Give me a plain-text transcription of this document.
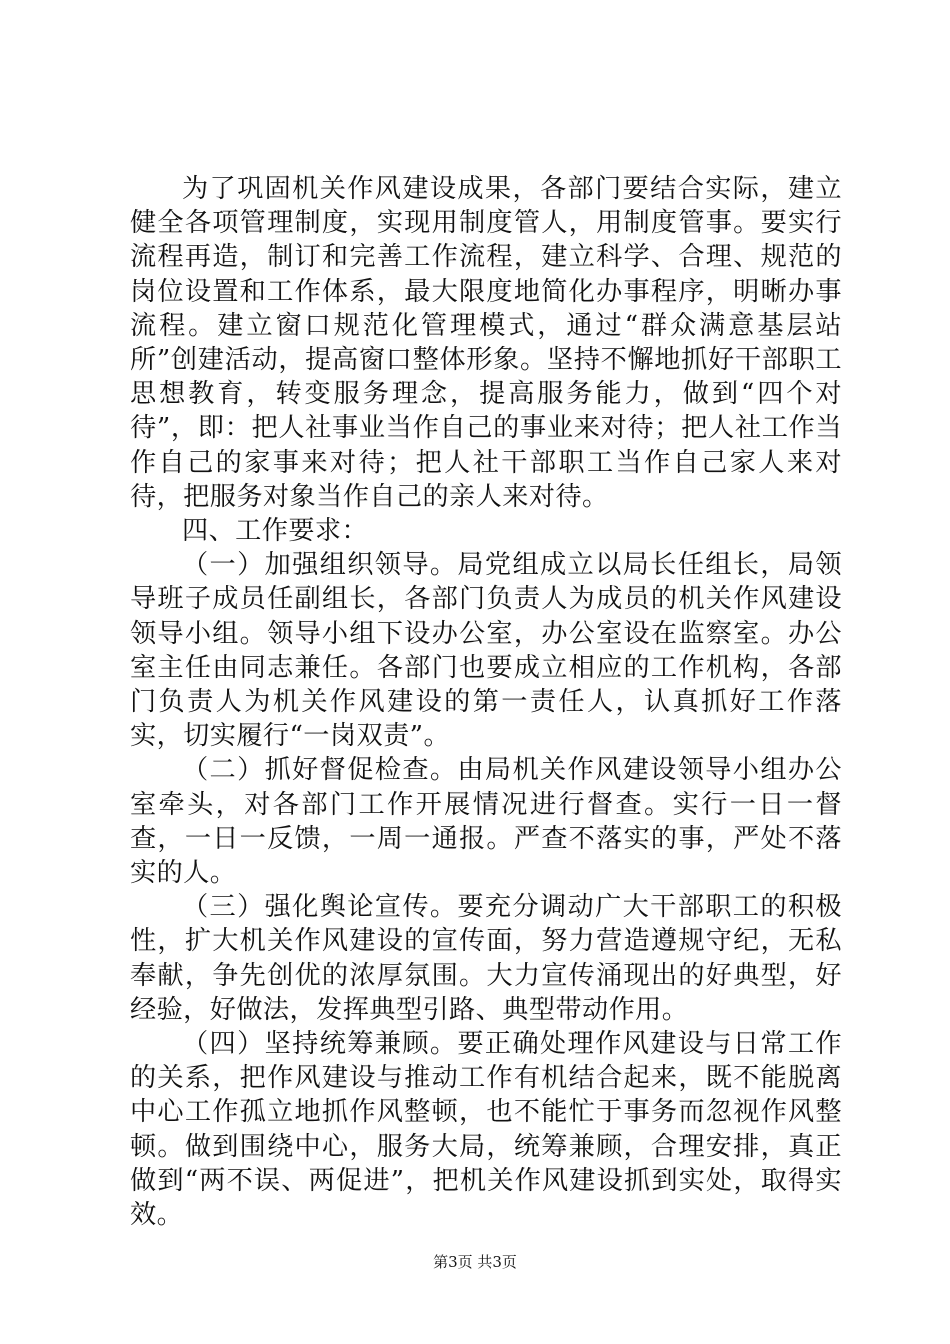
为了巩固机关作风建设成果，各部门要结合实际，建立健全各项管理制度，实现用制度管人，用制度管事。要实行流程再造，制订和完善工作流程，建立科学、合理、规范的岗位设置和工作体系，最大限度地简化办事程序，明晰办事流程。建立窗口规范化管理模式，通过“群众满意基层站所”创建活动，提高窗口整体形象。坚持不懈地抓好干部职工思想教育，转变服务理念，提高服务能力，做到“四个对待”，即：把人社事业当作自己的事业来对待；把人社工作当作自己的家事来对待；把人社干部职工当作自己家人来对待，把服务对象当作自己的亲人来对待。

四、工作要求：

（一）加强组织领导。局党组成立以局长任组长，局领导班子成员任副组长，各部门负责人为成员的机关作风建设领导小组。领导小组下设办公室，办公室设在监察室。办公室主任由同志兼任。各部门也要成立相应的工作机构，各部门负责人为机关作风建设的第一责任人，认真抓好工作落实，切实履行“一岗双责”。

（二）抓好督促检查。由局机关作风建设领导小组办公室牵头，对各部门工作开展情况进行督查。实行一日一督查，一日一反馈，一周一通报。严查不落实的事，严处不落实的人。

（三）强化舆论宣传。要充分调动广大干部职工的积极性，扩大机关作风建设的宣传面，努力营造遵规守纪，无私奉献，争先创优的浓厚氛围。大力宣传涌现出的好典型，好经验，好做法，发挥典型引路、典型带动作用。

（四）坚持统筹兼顾。要正确处理作风建设与日常工作的关系，把作风建设与推动工作有机结合起来，既不能脱离中心工作孤立地抓作风整顿，也不能忙于事务而忽视作风整顿。做到围绕中心，服务大局，统筹兼顾，合理安排，真正做到“两不误、两促进”，把机关作风建设抓到实处，取得实效。

第3页 共3页
